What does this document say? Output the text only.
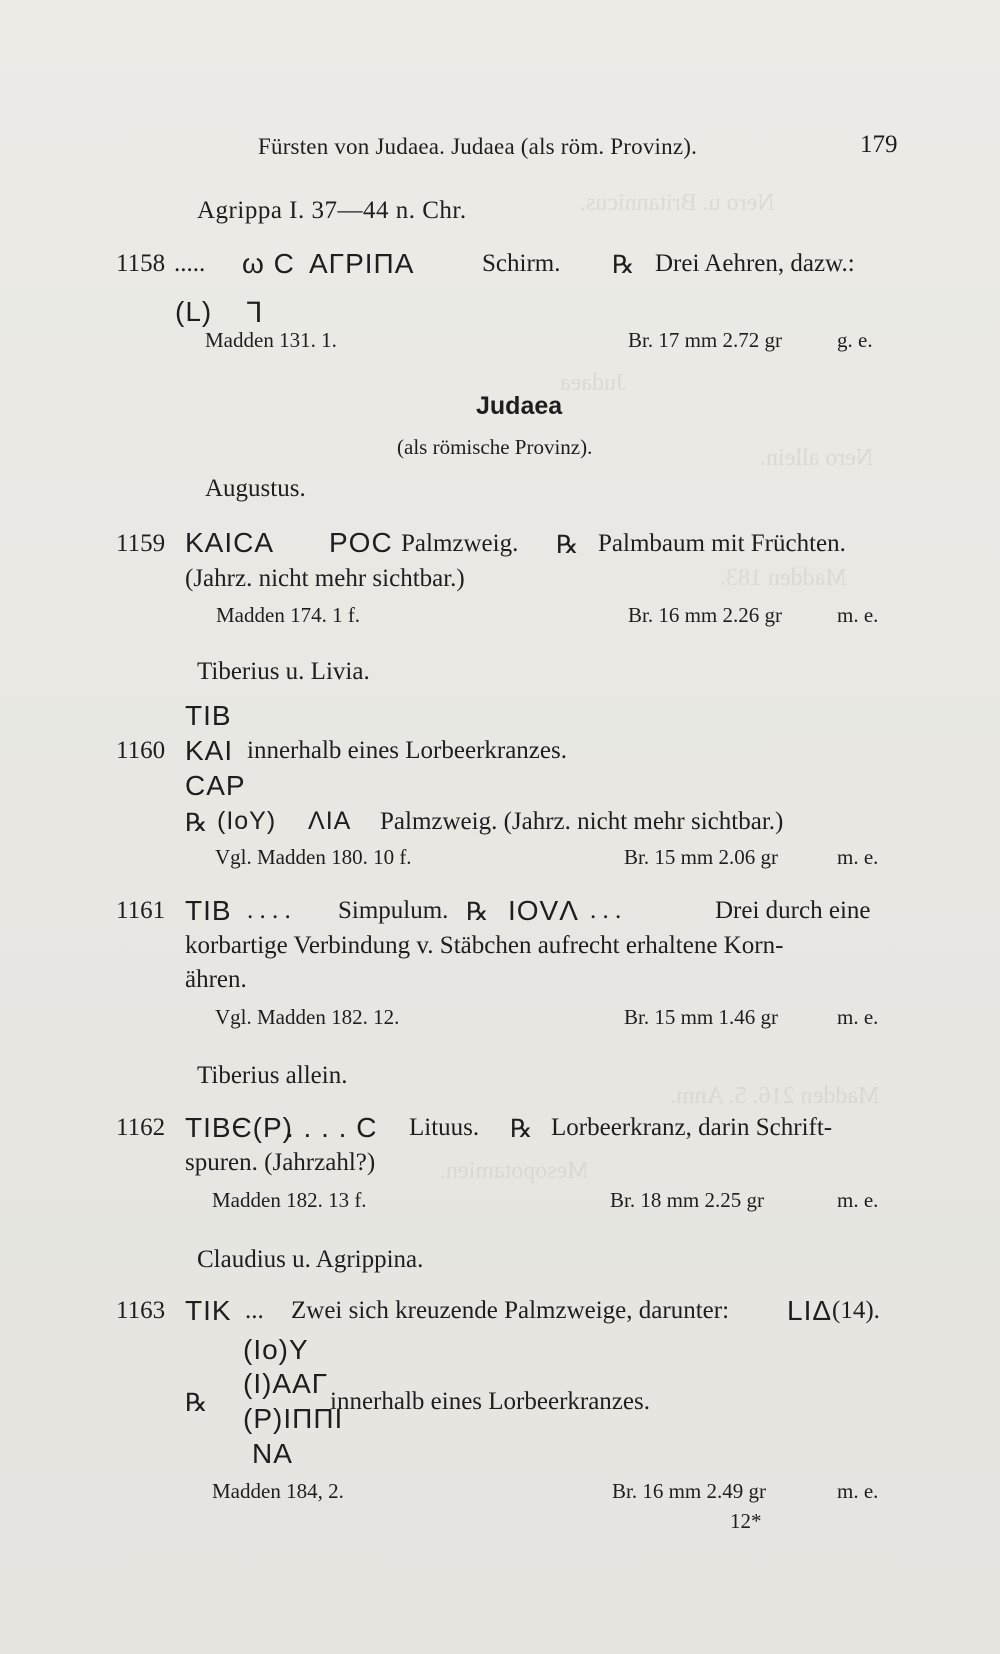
Nero u. Britannicus.
Judaea
Nero allein.
Madden 183.
Mesopotamien.
Madden 216. 5. Anm.
Fürsten von Judaea. Judaea (als röm. Provinz).	179
Agrippa I. 37—44 n. Chr.
1158 ..... ω C ΑΓΡΙΠΑ	Schirm. ℞ Drei Aehren, dazw.:
(L) Ꞁ
Madden 131. 1.	Br. 17 mm 2.72 gr	g. e.
Judaea
(als römische Provinz).
Augustus.
1159 ΚΑΙCΑ ΡΟC Palmzweig. ℞ Palmbaum mit Früchten.
(Jahrz. nicht mehr sichtbar.)
Madden 174. 1 f.	Br. 16 mm 2.26 gr	m. e.
Tiberius u. Livia.
ΤΙΒ
1160 ΚΑΙ innerhalb eines Lorbeerkranzes.
CΑΡ
℞ (ΙοΥ) ΛΙΑ Palmzweig. (Jahrz. nicht mehr sichtbar.)
Vgl. Madden 180. 10 f.	Br. 15 mm 2.06 gr	m. e.
1161 ΤΙΒ . . . . Simpulum. ℞ ΙΟVΛ . . .	Drei durch eine
korbartige Verbindung v. Stäbchen aufrecht erhaltene Korn-
ähren.
Vgl. Madden 182. 12.	Br. 15 mm 1.46 gr	m. e.
Tiberius allein.
1162 ΤΙΒЄ(Ρ)
. . . . C Lituus. ℞ Lorbeerkranz, darin Schrift-
spuren. (Jahrzahl?)
Madden 182. 13 f.	Br. 18 mm 2.25 gr	m. e.
Claudius u. Agrippina.
1163 ΤΙΚ ... Zwei sich kreuzende Palmzweige, darunter: LΙΔ (14).
(Ιο)Υ
(Ι)ΑΑΓ
℞	innerhalb eines Lorbeerkranzes.
(Ρ)ΙΠΠΙ
ΝΑ
Madden 184, 2.	Br. 16 mm 2.49 gr	m. e.
12*
